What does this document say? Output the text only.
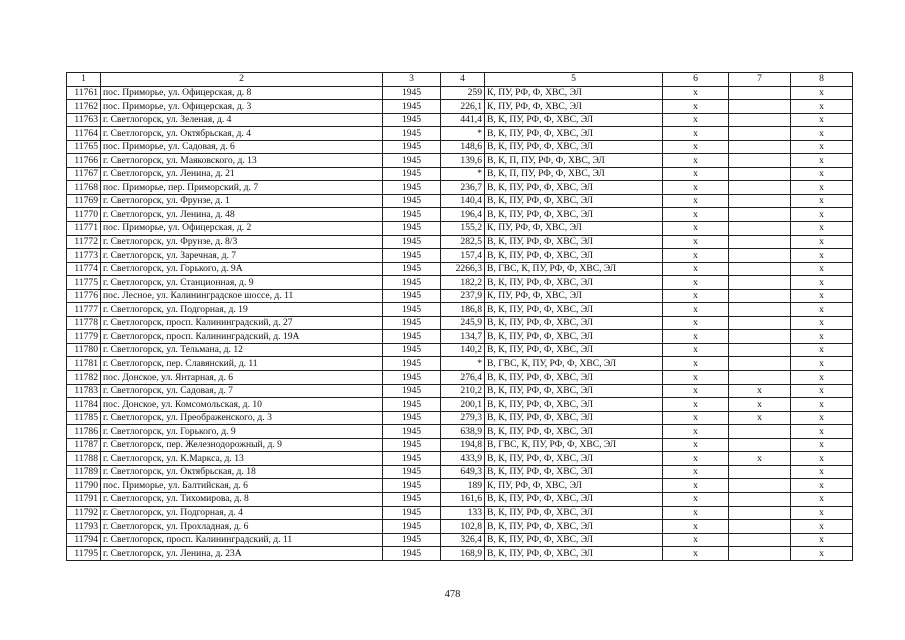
1	2	3	4	5	6	7	8
11761	пос. Приморье, ул. Офицерская, д. 8	1945	259	К, ПУ, РФ, Ф, ХВС, ЭЛ	x		x
11762	пос. Приморье, ул. Офицерская, д. 3	1945	226,1	К, ПУ, РФ, Ф, ХВС, ЭЛ	x		x
11763	г. Светлогорск, ул. Зеленая, д. 4	1945	441,4	В, К, ПУ, РФ, Ф, ХВС, ЭЛ	x		x
11764	г. Светлогорск, ул. Октябрьская, д. 4	1945	*	В, К, ПУ, РФ, Ф, ХВС, ЭЛ	x		x
11765	пос. Приморье, ул. Садовая, д. 6	1945	148,6	В, К, ПУ, РФ, Ф, ХВС, ЭЛ	x		x
11766	г. Светлогорск, ул. Маяковского, д. 13	1945	139,6	В, К, П, ПУ, РФ, Ф, ХВС, ЭЛ	x		x
11767	г. Светлогорск, ул. Ленина, д. 21	1945	*	В, К, П, ПУ, РФ, Ф, ХВС, ЭЛ	x		x
11768	пос. Приморье, пер. Приморский, д. 7	1945	236,7	В, К, ПУ, РФ, Ф, ХВС, ЭЛ	x		x
11769	г. Светлогорск, ул. Фрунзе, д. 1	1945	140,4	В, К, ПУ, РФ, Ф, ХВС, ЭЛ	x		x
11770	г. Светлогорск, ул. Ленина, д. 48	1945	196,4	В, К, ПУ, РФ, Ф, ХВС, ЭЛ	x		x
11771	пос. Приморье, ул. Офицерская, д. 2	1945	155,2	К, ПУ, РФ, Ф, ХВС, ЭЛ	x		x
11772	г. Светлогорск, ул. Фрунзе, д. 8/3	1945	282,5	В, К, ПУ, РФ, Ф, ХВС, ЭЛ	x		x
11773	г. Светлогорск, ул. Заречная, д. 7	1945	157,4	В, К, ПУ, РФ, Ф, ХВС, ЭЛ	x		x
11774	г. Светлогорск, ул. Горького, д. 9А	1945	2266,3	В, ГВС, К, ПУ, РФ, Ф, ХВС, ЭЛ	x		x
11775	г. Светлогорск, ул. Станционная, д. 9	1945	182,2	В, К, ПУ, РФ, Ф, ХВС, ЭЛ	x		x
11776	пос. Лесное, ул. Калининградское шоссе, д. 11	1945	237,9	К, ПУ, РФ, Ф, ХВС, ЭЛ	x		x
11777	г. Светлогорск, ул. Подгорная, д. 19	1945	186,8	В, К, ПУ, РФ, Ф, ХВС, ЭЛ	x		x
11778	г. Светлогорск, просп. Калининградский, д. 27	1945	245,9	В, К, ПУ, РФ, Ф, ХВС, ЭЛ	x		x
11779	г. Светлогорск, просп. Калининградский, д. 19А	1945	134,7	В, К, ПУ, РФ, Ф, ХВС, ЭЛ	x		x
11780	г. Светлогорск, ул. Тельмана, д. 12	1945	140,2	В, К, ПУ, РФ, Ф, ХВС, ЭЛ	x		x
11781	г. Светлогорск, пер. Славянский, д. 11	1945	*	В, ГВС, К, ПУ, РФ, Ф, ХВС, ЭЛ	x		x
11782	пос. Донское, ул. Янтарная, д. 6	1945	276,4	В, К, ПУ, РФ, Ф, ХВС, ЭЛ	x		x
11783	г. Светлогорск, ул. Садовая, д. 7	1945	210,2	В, К, ПУ, РФ, Ф, ХВС, ЭЛ	x	x	x
11784	пос. Донское, ул. Комсомольская, д. 10	1945	200,1	В, К, ПУ, РФ, Ф, ХВС, ЭЛ	x	x	x
11785	г. Светлогорск, ул. Преображенского, д. 3	1945	279,3	В, К, ПУ, РФ, Ф, ХВС, ЭЛ	x	x	x
11786	г. Светлогорск, ул. Горького, д. 9	1945	638,9	В, К, ПУ, РФ, Ф, ХВС, ЭЛ	x		x
11787	г. Светлогорск, пер. Железнодорожный, д. 9	1945	194,8	В, ГВС, К, ПУ, РФ, Ф, ХВС, ЭЛ	x		x
11788	г. Светлогорск, ул. К.Маркса, д. 13	1945	433,9	В, К, ПУ, РФ, Ф, ХВС, ЭЛ	x	x	x
11789	г. Светлогорск, ул. Октябрьская, д. 18	1945	649,3	В, К, ПУ, РФ, Ф, ХВС, ЭЛ	x		x
11790	пос. Приморье, ул. Балтийская, д. 6	1945	189	К, ПУ, РФ, Ф, ХВС, ЭЛ	x		x
11791	г. Светлогорск, ул. Тихомирова, д. 8	1945	161,6	В, К, ПУ, РФ, Ф, ХВС, ЭЛ	x		x
11792	г. Светлогорск, ул. Подгорная, д. 4	1945	133	В, К, ПУ, РФ, Ф, ХВС, ЭЛ	x		x
11793	г. Светлогорск, ул. Прохладная, д. 6	1945	102,8	В, К, ПУ, РФ, Ф, ХВС, ЭЛ	x		x
11794	г. Светлогорск, просп. Калининградский, д. 11	1945	326,4	В, К, ПУ, РФ, Ф, ХВС, ЭЛ	x		x
11795	г. Светлогорск, ул. Ленина, д. 23А	1945	168,9	В, К, ПУ, РФ, Ф, ХВС, ЭЛ	x		x
478
